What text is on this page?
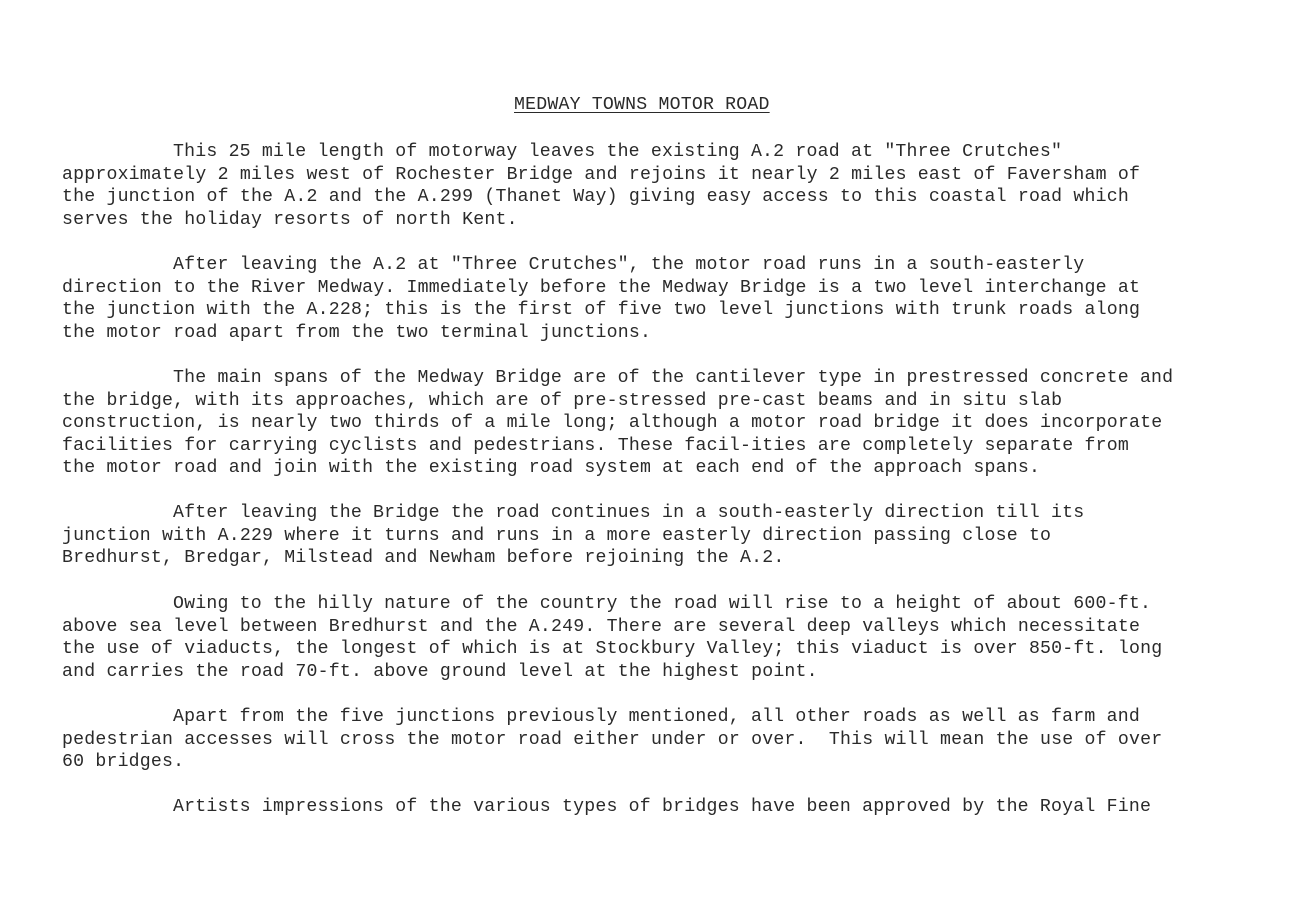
MEDWAY TOWNS MOTOR ROAD
This 25 mile length of motorway leaves the existing A.2 road at "Three Crutches"
approximately 2 miles west of Rochester Bridge and rejoins it nearly 2 miles east of Faversham of
the junction of the A.2 and the A.299 (Thanet Way) giving easy access to this coastal road which
serves the holiday resorts of north Kent.
After leaving the A.2 at "Three Crutches", the motor road runs in a south-easterly
direction to the River Medway. Immediately before the Medway Bridge is a two level interchange at
the junction with the A.228; this is the first of five two level junctions with trunk roads along
the motor road apart from the two terminal junctions.
The main spans of the Medway Bridge are of the cantilever type in prestressed concrete and
the bridge, with its approaches, which are of pre-stressed pre-cast beams and in situ slab
construction, is nearly two thirds of a mile long; although a motor road bridge it does incorporate
facilities for carrying cyclists and pedestrians. These facil-ities are completely separate from
the motor road and join with the existing road system at each end of the approach spans.
After leaving the Bridge the road continues in a south-easterly direction till its
junction with A.229 where it turns and runs in a more easterly direction passing close to
Bredhurst, Bredgar, Milstead and Newham before rejoining the A.2.
Owing to the hilly nature of the country the road will rise to a height of about 600-ft.
above sea level between Bredhurst and the A.249. There are several deep valleys which necessitate
the use of viaducts, the longest of which is at Stockbury Valley; this viaduct is over 850-ft. long
and carries the road 70-ft. above ground level at the highest point.
Apart from the five junctions previously mentioned, all other roads as well as farm and
pedestrian accesses will cross the motor road either under or over.  This will mean the use of over
60 bridges.
Artists impressions of the various types of bridges have been approved by the Royal Fine
